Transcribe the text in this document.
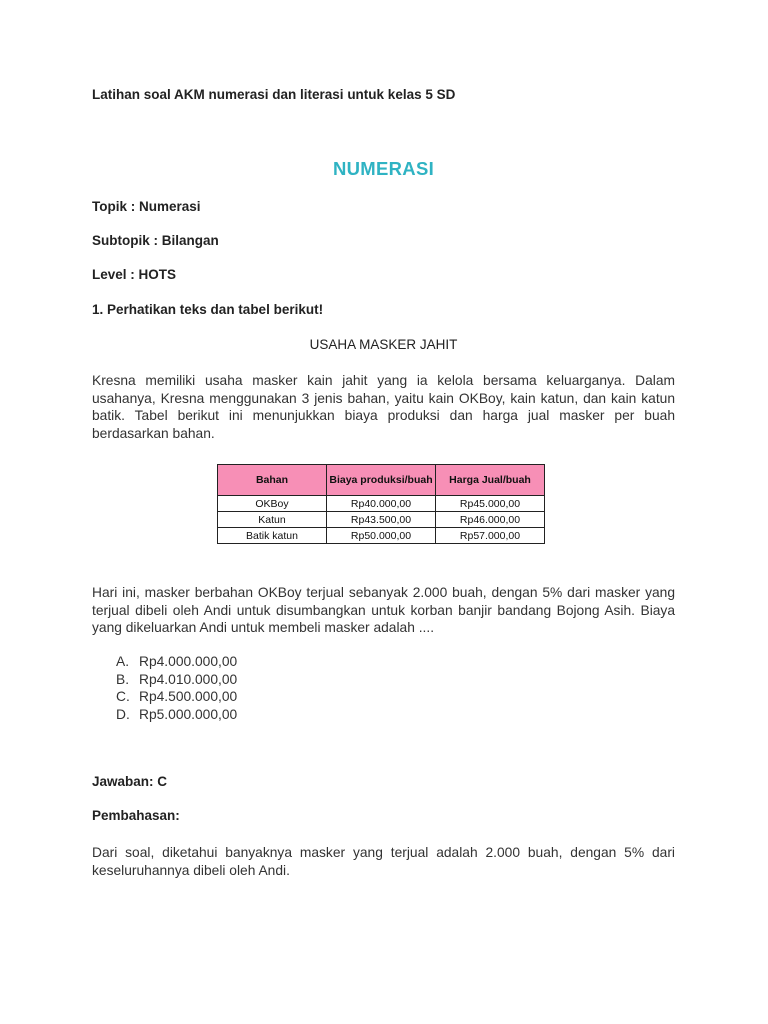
Latihan soal AKM numerasi dan literasi untuk kelas 5 SD
NUMERASI
Topik : Numerasi
Subtopik : Bilangan
Level : HOTS
1. Perhatikan teks dan tabel berikut!
USAHA MASKER JAHIT
Kresna memiliki usaha masker kain jahit yang ia kelola bersama keluarganya. Dalam usahanya, Kresna menggunakan 3 jenis bahan, yaitu kain OKBoy, kain katun, dan kain katun batik. Tabel berikut ini menunjukkan biaya produksi dan harga jual masker per buah berdasarkan bahan.
Bahan	Biaya produksi/buah	Harga Jual/buah
OKBoy	Rp40.000,00	Rp45.000,00
Katun	Rp43.500,00	Rp46.000,00
Batik katun	Rp50.000,00	Rp57.000,00
Hari ini, masker berbahan OKBoy terjual sebanyak 2.000 buah, dengan 5% dari masker yang terjual dibeli oleh Andi untuk disumbangkan untuk korban banjir bandang Bojong Asih. Biaya yang dikeluarkan Andi untuk membeli masker adalah ....
A. Rp4.000.000,00
B. Rp4.010.000,00
C. Rp4.500.000,00
D. Rp5.000.000,00
Jawaban: C
Pembahasan:
Dari soal, diketahui banyaknya masker yang terjual adalah 2.000 buah, dengan 5% dari keseluruhannya dibeli oleh Andi.
